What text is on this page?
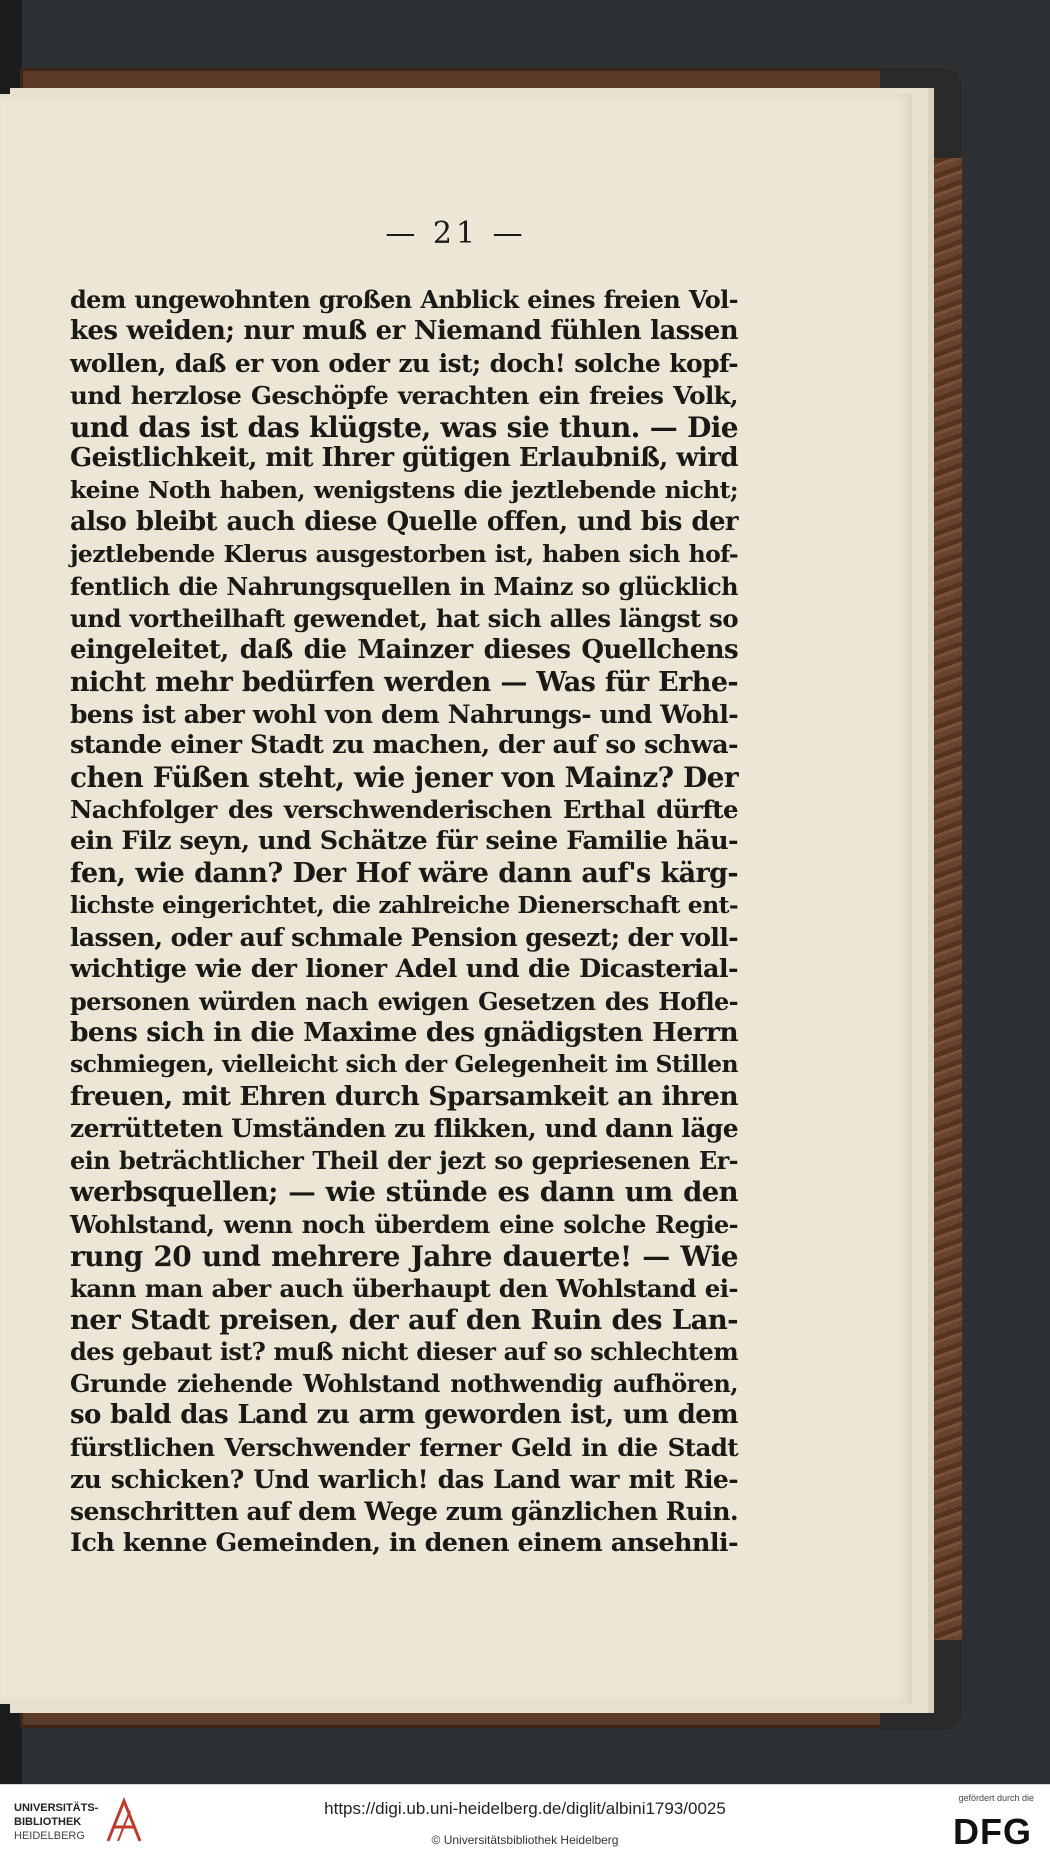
— 21 —
dem ungewohnten großen Anblick eines freien Vol-
kes weiden; nur muß er Niemand fühlen lassen
wollen, daß er von oder zu ist; doch! solche kopf-
und herzlose Geschöpfe verachten ein freies Volk,
und das ist das klügste, was sie thun. — Die
Geistlichkeit, mit Ihrer gütigen Erlaubniß, wird
keine Noth haben, wenigstens die jeztlebende nicht;
also bleibt auch diese Quelle offen, und bis der
jeztlebende Klerus ausgestorben ist, haben sich hof-
fentlich die Nahrungsquellen in Mainz so glücklich
und vortheilhaft gewendet, hat sich alles längst so
eingeleitet, daß die Mainzer dieses Quellchens
nicht mehr bedürfen werden — Was für Erhe-
bens ist aber wohl von dem Nahrungs- und Wohl-
stande einer Stadt zu machen, der auf so schwa-
chen Füßen steht, wie jener von Mainz? Der
Nachfolger des verschwenderischen Erthal dürfte
ein Filz seyn, und Schätze für seine Familie häu-
fen, wie dann? Der Hof wäre dann auf's kärg-
lichste eingerichtet, die zahlreiche Dienerschaft ent-
lassen, oder auf schmale Pension gesezt; der voll-
wichtige wie der lioner Adel und die Dicasterial-
personen würden nach ewigen Gesetzen des Hofle-
bens sich in die Maxime des gnädigsten Herrn
schmiegen, vielleicht sich der Gelegenheit im Stillen
freuen, mit Ehren durch Sparsamkeit an ihren
zerrütteten Umständen zu flikken, und dann läge
ein beträchtlicher Theil der jezt so gepriesenen Er-
werbsquellen; — wie stünde es dann um den
Wohlstand, wenn noch überdem eine solche Regie-
rung 20 und mehrere Jahre dauerte! — Wie
kann man aber auch überhaupt den Wohlstand ei-
ner Stadt preisen, der auf den Ruin des Lan-
des gebaut ist? muß nicht dieser auf so schlechtem
Grunde ziehende Wohlstand nothwendig aufhören,
so bald das Land zu arm geworden ist, um dem
fürstlichen Verschwender ferner Geld in die Stadt
zu schicken? Und warlich! das Land war mit Rie-
senschritten auf dem Wege zum gänzlichen Ruin.
Ich kenne Gemeinden, in denen einem ansehnli-
UNIVERSITÄTS-
BIBLIOTHEK
HEIDELBERG
https://digi.ub.uni-heidelberg.de/diglit/albini1793/0025
© Universitätsbibliothek Heidelberg
gefördert durch die
DFG
